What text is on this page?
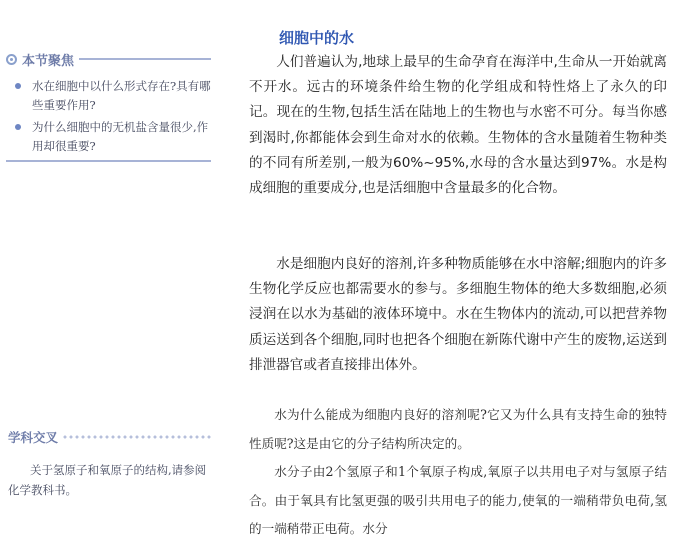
本节聚焦
水在细胞中以什么形式存在?具有哪些重要作用?
为什么细胞中的无机盐含量很少,作用却很重要?
学科交叉
关于氢原子和氧原子的结构,请参阅化学教科书。
细胞中的水

人们普遍认为,地球上最早的生命孕育在海洋中,生命从一开始就离不开水。远古的环境条件给生物的化学组成和特性烙上了永久的印记。现在的生物,包括生活在陆地上的生物也与水密不可分。每当你感到渴时,你都能体会到生命对水的依赖。生物体的含水量随着生物种类的不同有所差别,一般为60%~95%,水母的含水量达到97%。水是构成细胞的重要成分,也是活细胞中含量最多的化合物。

水是细胞内良好的溶剂,许多种物质能够在水中溶解;细胞内的许多生物化学反应也都需要水的参与。多细胞生物体的绝大多数细胞,必须浸润在以水为基础的液体环境中。水在生物体内的流动,可以把营养物质运送到各个细胞,同时也把各个细胞在新陈代谢中产生的废物,运送到排泄器官或者直接排出体外。

水为什么能成为细胞内良好的溶剂呢?它又为什么具有支持生命的独特性质呢?这是由它的分子结构所决定的。

水分子由2个氢原子和1个氧原子构成,氧原子以共用电子对与氢原子结合。由于氧具有比氢更强的吸引共用电子的能力,使氧的一端稍带负电荷,氢的一端稍带正电荷。水分
